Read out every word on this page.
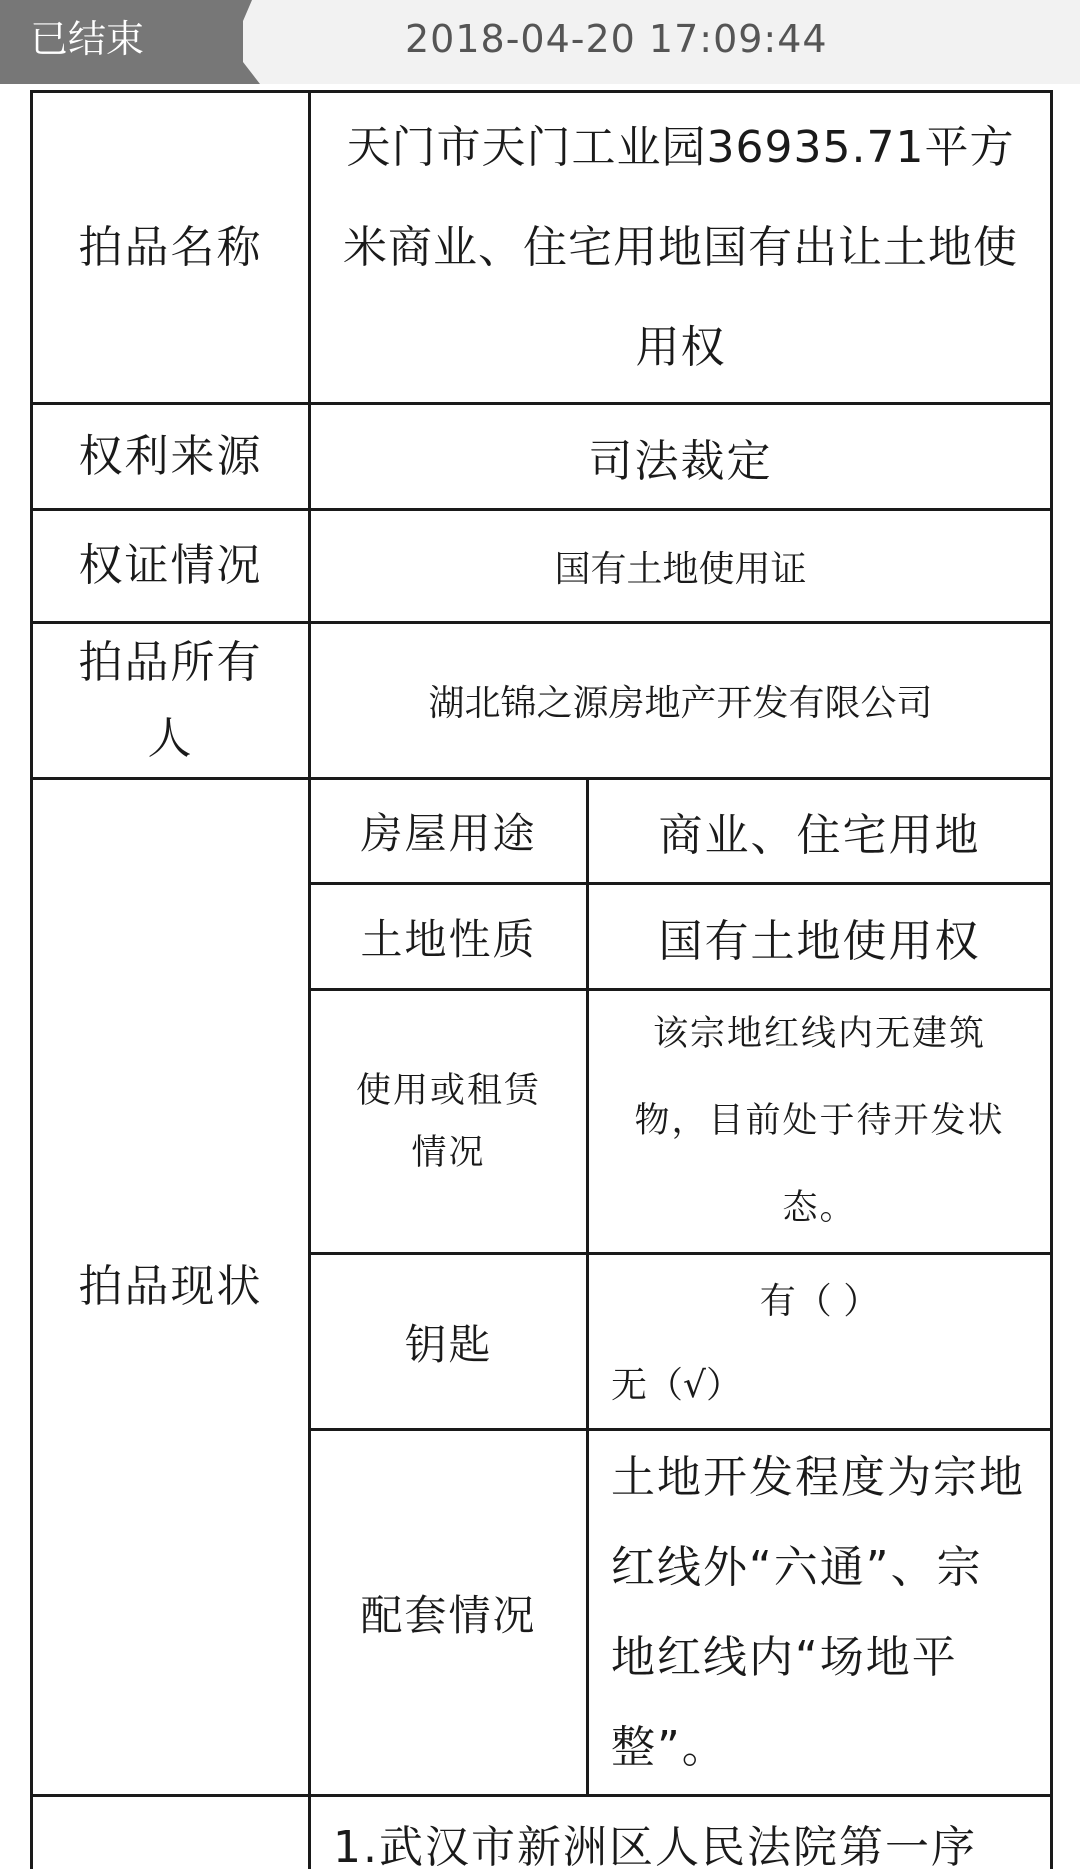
已结束	2018-04-20 17:09:44
拍品名称	天门市天门工业园36935.71平方米商业、住宅用地国有出让土地使用权	
权利来源	司法裁定	
权证情况	国有土地使用证	
拍品所有人	湖北锦之源房地产开发有限公司	
拍品现状	房屋用途	商业、住宅用地
	土地性质	国有土地使用权
	使用或租赁情况	该宗地红线内无建筑物，目前处于待开发状态。
	钥匙	有（ ）
无（√）

	配套情况	土地开发程度为宗地红线外“六通”、宗地红线内“场地平整”。
	1.武汉市新洲区人民法院第一序	
